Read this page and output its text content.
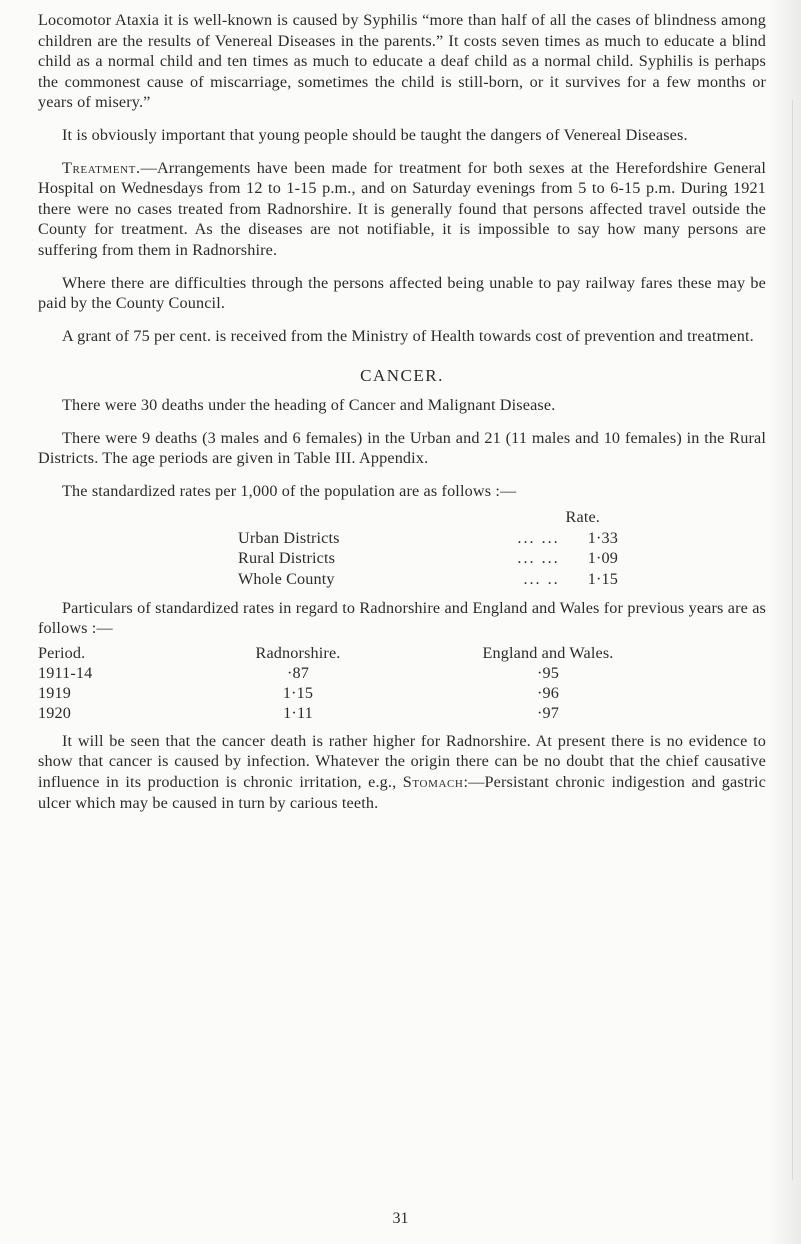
Locomotor Ataxia it is well-known is caused by Syphilis “more than half of all the cases of blindness among children are the results of Venereal Diseases in the parents.” It costs seven times as much to educate a blind child as a normal child and ten times as much to educate a deaf child as a normal child. Syphilis is perhaps the commonest cause of miscarriage, sometimes the child is still-born, or it survives for a few months or years of misery.”

It is obviously important that young people should be taught the dangers of Venereal Diseases.

Treatment.—Arrangements have been made for treatment for both sexes at the Herefordshire General Hospital on Wednesdays from 12 to 1-15 p.m., and on Saturday evenings from 5 to 6-15 p.m. During 1921 there were no cases treated from Radnorshire. It is generally found that persons affected travel outside the County for treatment. As the diseases are not notifiable, it is impossible to say how many persons are suffering from them in Radnorshire.

Where there are difficulties through the persons affected being unable to pay railway fares these may be paid by the County Council.

A grant of 75 per cent. is received from the Ministry of Health towards cost of prevention and treatment.

CANCER.

There were 30 deaths under the heading of Cancer and Malignant Disease.

There were 9 deaths (3 males and 6 females) in the Urban and 21 (11 males and 10 females) in the Rural Districts. The age periods are given in Table III. Appendix.

The standardized rates per 1,000 of the population are as follows :—

Rate.
Urban Districts	... ...	1·33
Rural Districts	... ...	1·09
Whole County	... ..	1·15

Particulars of standardized rates in regard to Radnorshire and England and Wales for previous years are as follows :—

Period.	Radnorshire.	England and Wales.
1911-14	·87	·95
1919	1·15	·96
1920	1·11	·97

It will be seen that the cancer death is rather higher for Radnorshire. At present there is no evidence to show that cancer is caused by infection. Whatever the origin there can be no doubt that the chief causative influence in its production is chronic irritation, e.g., Stomach:—Persistant chronic indigestion and gastric ulcer which may be caused in turn by carious teeth.

31
